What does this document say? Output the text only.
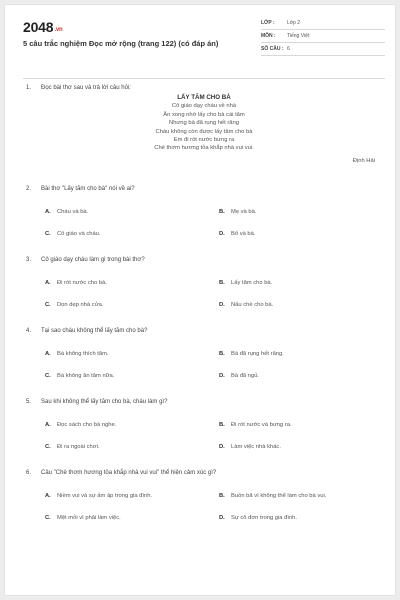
2048.vn
5 câu trắc nghiệm Đọc mở rộng (trang 122) (có đáp án)
LỚP :	Lớp 2
MÔN :	Tiếng Việt
SỐ CÂU : 6
1. Đọc bài thơ sau và trả lời câu hỏi:
LẤY TĂM CHO BÀ
Cô giáo dạy cháu về nhà
Ăn xong nhớ lấy cho bà cái tăm
Nhưng bà đã rụng hết răng
Cháu không còn được lấy tăm cho bà
Em đi rót nước bưng ra
Chè thơm hương tỏa khắp nhà vui vui.
Định Hải
2. Bài thơ "Lấy tăm cho bà" nói về ai?
A. Cháu và bà.	B. Mẹ và bà.
C. Cô giáo và cháu.	D. Bố và bà.
3. Cô giáo dạy cháu làm gì trong bài thơ?
A. Đi rót nước cho bà.	B. Lấy tăm cho bà.
C. Dọn dẹp nhà cửa.	D. Nấu chè cho bà.
4. Tại sao cháu không thể lấy tăm cho bà?
A. Bà không thích tăm.	B. Bà đã rụng hết răng.
C. Bà không ăn tăm nữa.	D. Bà đã ngủ.
5. Sau khi không thể lấy tăm cho bà, cháu làm gì?
A. Đọc sách cho bà nghe.	B. Đi rót nước và bưng ra.
C. Đi ra ngoài chơi.	D. Làm việc nhà khác.
6. Câu "Chè thơm hương tỏa khắp nhà vui vui" thể hiện cảm xúc gì?
A. Niềm vui và sự ấm áp trong gia đình.	B. Buồn bã vì không thể làm cho bà vui.
C. Mệt mỏi vì phải làm việc.	D. Sự cô đơn trong gia đình.
